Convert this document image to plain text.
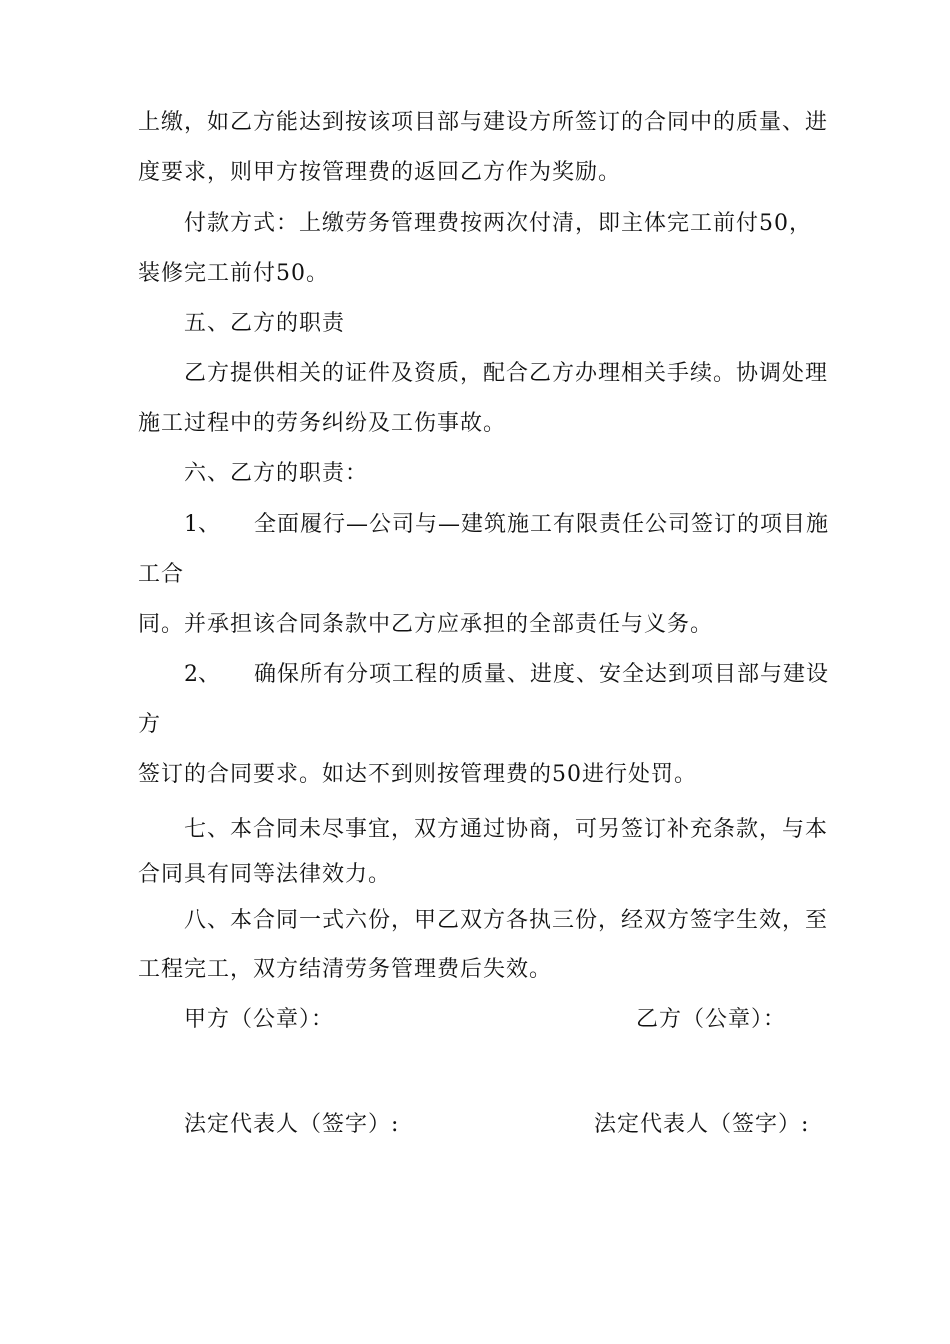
上缴，如乙方能达到按该项目部与建设方所签订的合同中的质量、进
度要求，则甲方按管理费的返回乙方作为奖励。
付款方式：上缴劳务管理费按两次付清，即主体完工前付50，
装修完工前付50。
五、乙方的职责
乙方提供相关的证件及资质，配合乙方办理相关手续。协调处理
施工过程中的劳务纠纷及工伤事故。
六、乙方的职责：
1、 全面履行—公司与—建筑施工有限责任公司签订的项目施
工合
同。并承担该合同条款中乙方应承担的全部责任与义务。
2、 确保所有分项工程的质量、进度、安全达到项目部与建设
方
签订的合同要求。如达不到则按管理费的50进行处罚。
七、本合同未尽事宜，双方通过协商，可另签订补充条款，与本
合同具有同等法律效力。
八、本合同一式六份，甲乙双方各执三份，经双方签字生效，至
工程完工，双方结清劳务管理费后失效。
甲方（公章）：	乙方（公章）：
法定代表人（签字）:	法定代表人（签字）:
